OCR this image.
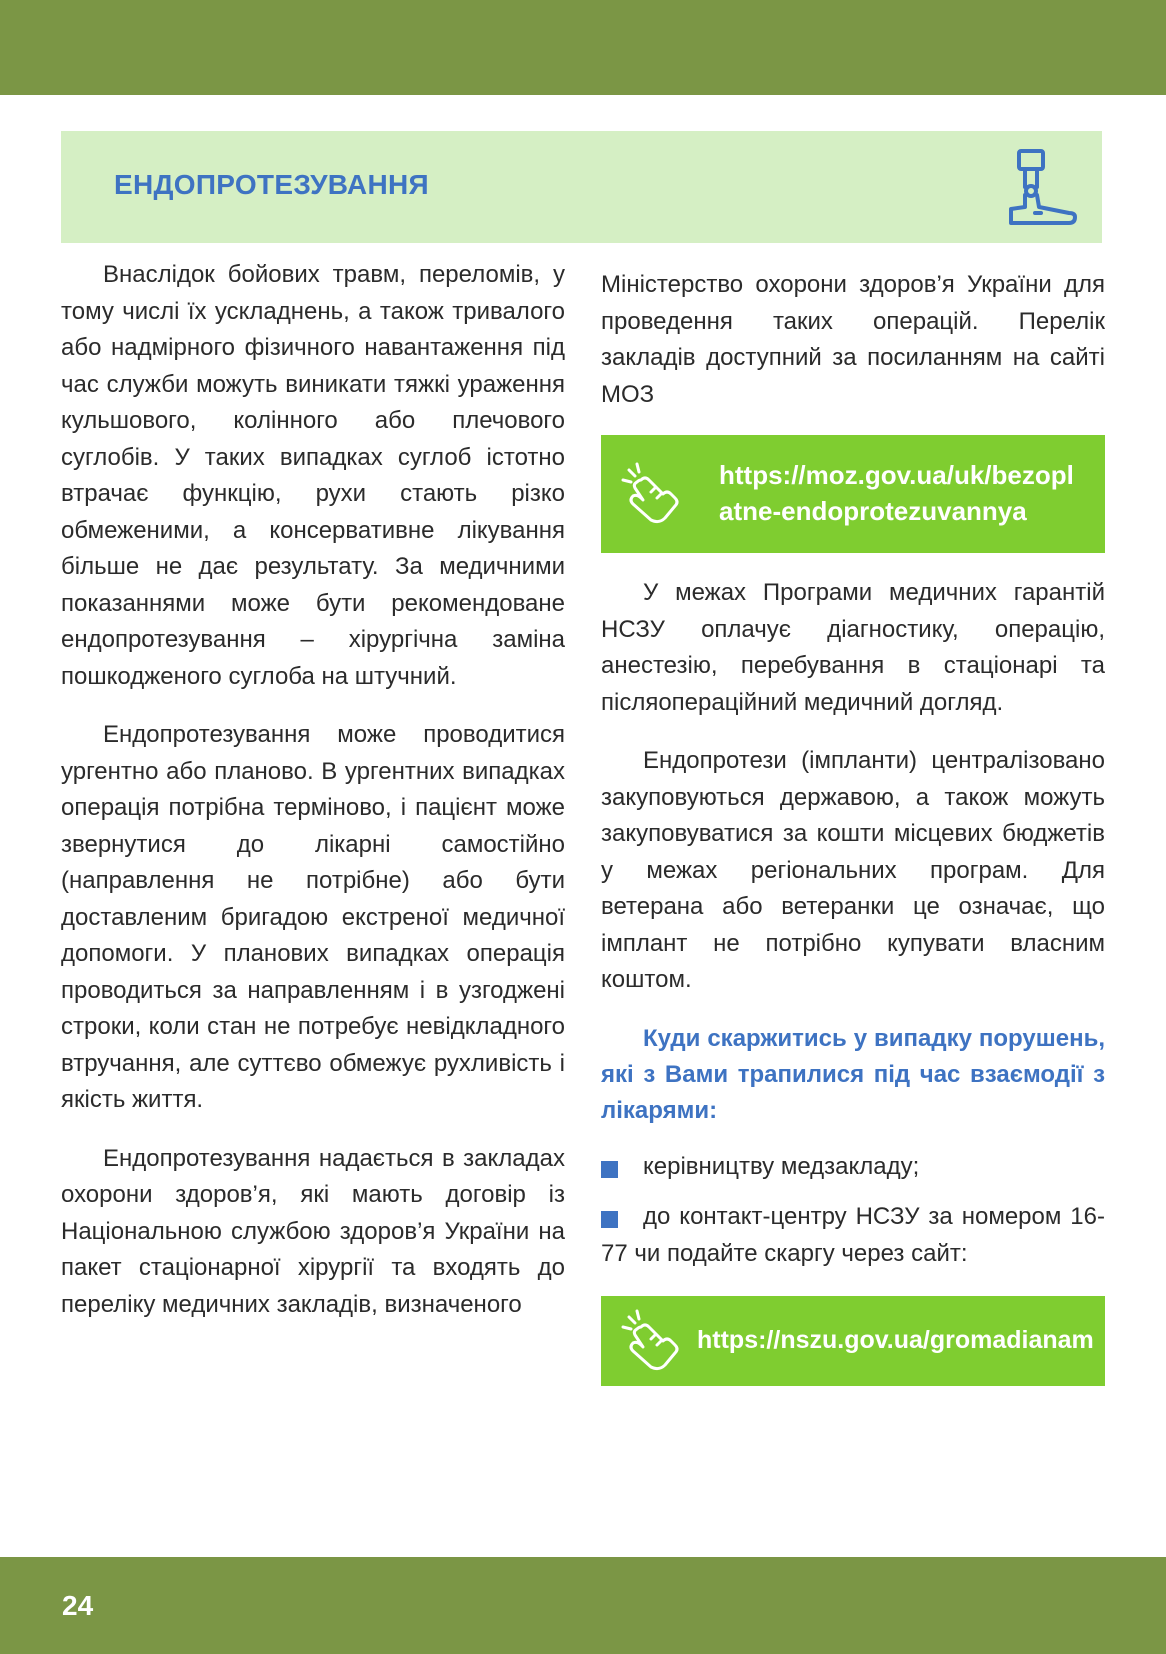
ЕНДОПРОТЕЗУВАННЯ

Внаслідок бойових травм, переломів, у тому числі їх ускладнень, а також тривалого або надмірного фізичного навантаження під час служби можуть виникати тяжкі ураження кульшового, колінного або плечового суглобів. У таких випадках суглоб істотно втрачає функцію, рухи стають різко обмеженими, а консервативне лікування більше не дає результату. За медичними показаннями може бути рекомендоване ендопротезування – хірургічна заміна пошкодженого суглоба на штучний.

Ендопротезування може проводитися ургентно або планово. В ургентних випадках операція потрібна терміново, і пацієнт може звернутися до лікарні самостійно (направлення не потрібне) або бути доставленим бригадою екстреної медичної допомоги. У планових випадках операція проводиться за направленням і в узгоджені строки, коли стан не потребує невідкладного втручання, але суттєво обмежує рухливість і якість життя.

Ендопротезування надається в закладах охорони здоров’я, які мають договір із Національною службою здоров’я України на пакет стаціонарної хірургії та входять до переліку медичних закладів, визначеного

Міністерство охорони здоров’я України для проведення таких операцій. Перелік закладів доступний за посиланням на сайті МОЗ

https://moz.gov.ua/uk/bezoplatne-endoprotezuvannya

У межах Програми медичних гарантій НСЗУ оплачує діагностику, операцію, анестезію, перебування в стаціонарі та післяопераційний медичний догляд.

Ендопротези (імпланти) централізовано закуповуються державою, а також можуть закуповуватися за кошти місцевих бюджетів у межах регіональних програм. Для ветерана або ветеранки це означає, що імплант не потрібно купувати власним коштом.

Куди скаржитись у випадку порушень, які з Вами трапилися під час взаємодії з лікарями:

керівництву медзакладу;
до контакт-центру НСЗУ за номером 16-77 чи подайте скаргу через сайт:
https://nszu.gov.ua/gromadianam
24
